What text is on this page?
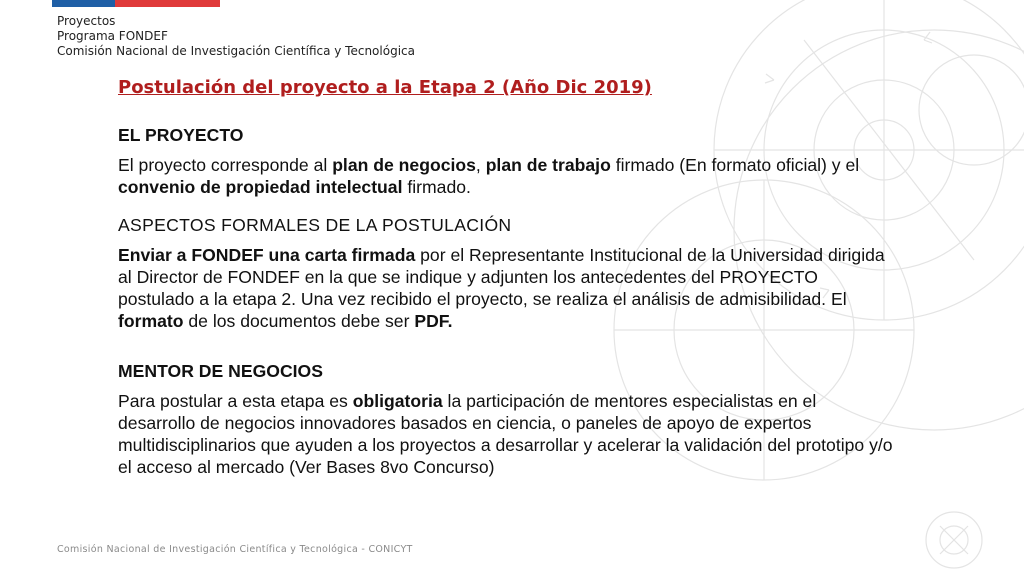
Proyectos
Programa FONDEF
Comisión Nacional de Investigación Científica y Tecnológica
Postulación del proyecto a la Etapa 2 (Año Dic 2019)

EL PROYECTO

El proyecto corresponde al plan de negocios, plan de trabajo firmado (En formato oficial) y el convenio de propiedad intelectual firmado.

ASPECTOS FORMALES DE LA POSTULACIÓN

Enviar a FONDEF una carta firmada por el Representante Institucional de la Universidad dirigida al Director de FONDEF en la que se indique y adjunten los antecedentes del PROYECTO postulado a la etapa 2. Una vez recibido el proyecto, se realiza el análisis de admisibilidad. El formato de los documentos debe ser PDF.

MENTOR DE NEGOCIOS

Para postular a esta etapa es obligatoria la participación de mentores especialistas en el desarrollo de negocios innovadores basados en ciencia, o paneles de apoyo de expertos multidisciplinarios que ayuden a los proyectos a desarrollar y acelerar la validación del prototipo y/o el acceso al mercado (Ver Bases 8vo Concurso)

Comisión Nacional de Investigación Científica y Tecnológica - CONICYT
